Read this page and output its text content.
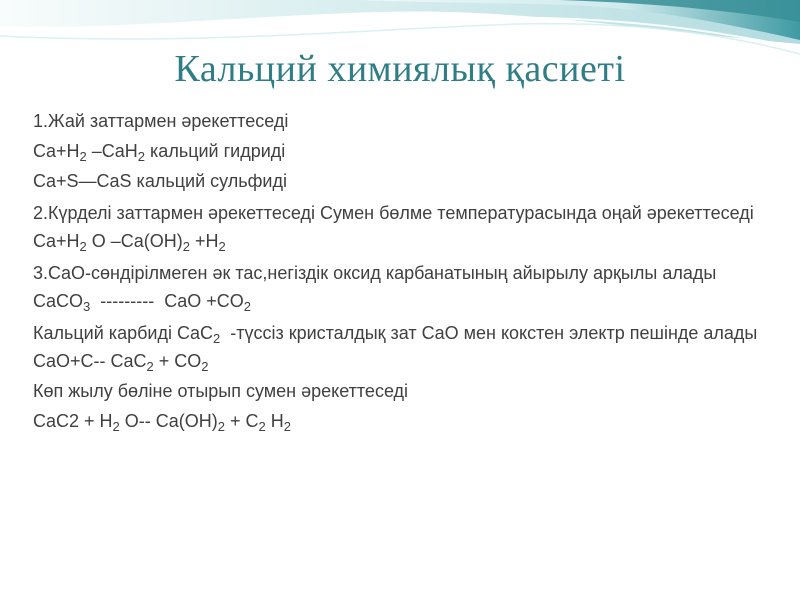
Кальций химиялық қасиеті

1.Жай заттармен әрекеттеседі

$Ca+H_2$ –CaH$_2$ кальций гидриді

Ca+S—CaS кальций сульфиді

2.Күрделі заттармен әрекеттеседі Сумен бөлме температурасында оңай әрекеттеседі

$Ca+H_2$ O $-Ca(OH)_2 +H_2$

3.CaO-сөндірілмеген әк тас,негіздік оксид карбанатының айырылу арқылы алады

CaCO$_3$  ---------  CaO $+CO_2$

Кальций карбиді CaC$_2$  -түссіз кристалдық зат CaO мен кокстен электр пешінде алады

CaO+C-- $CaC_2 + CO_2$

Көп жылу бөліне отырып сумен әрекеттеседі

$CaC2 + H_2$ O-- $Ca(OH)_2 + C_2$ $H_2$
